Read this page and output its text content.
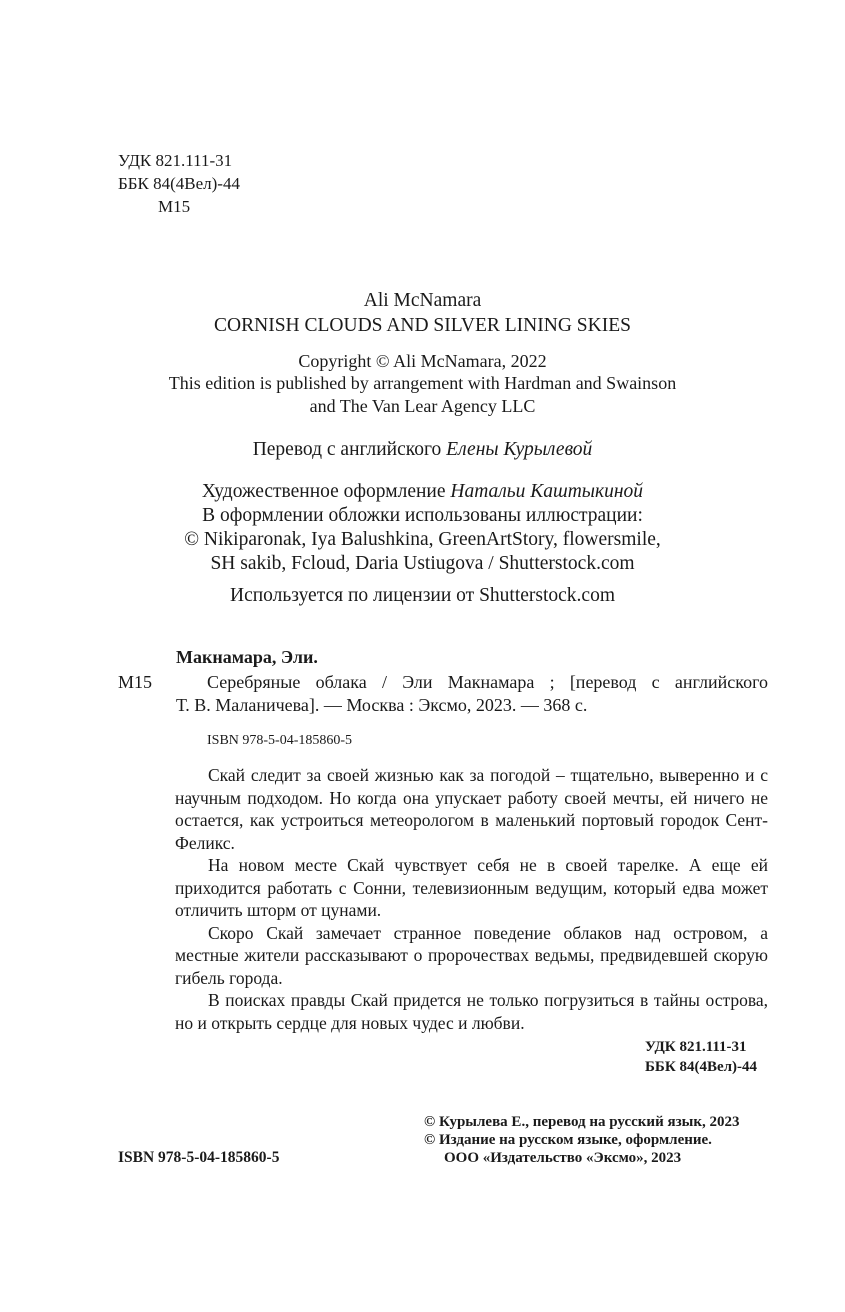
УДК 821.111-31
ББК 84(4Вел)-44
М15
Ali McNamara
CORNISH CLOUDS AND SILVER LINING SKIES
Copyright © Ali McNamara, 2022
This edition is published by arrangement with Hardman and Swainson
and The Van Lear Agency LLC
Перевод с английского Елены Курылевой
Художественное оформление Натальи Каштыкиной
В оформлении обложки использованы иллюстрации:
© Nikiparonak, Iya Balushkina, GreenArtStory, flowersmile,
SH sakib, Fcloud, Daria Ustiugova / Shutterstock.com
Используется по лицензии от Shutterstock.com
Макнамара, Эли.
М15	Серебряные облака / Эли Макнамара ; [перевод с английского
Т. В. Маланичева]. — Москва : Эксмо, 2023. — 368 с.
ISBN 978-5-04-185860-5

Скай следит за своей жизнью как за погодой – тщательно, выверенно и с научным подходом. Но когда она упускает работу своей мечты, ей ничего не остается, как устроиться метеорологом в маленький портовый городок Сент-Феликс.

На новом месте Скай чувствует себя не в своей тарелке. А еще ей приходится работать с Сонни, телевизионным ведущим, который едва может отличить шторм от цунами.

Скоро Скай замечает странное поведение облаков над островом, а местные жители рассказывают о пророчествах ведьмы, предвидевшей скорую гибель города.

В поисках правды Скай придется не только погрузиться в тайны острова, но и открыть сердце для новых чудес и любви.

УДК 821.111-31
ББК 84(4Вел)-44
ISBN 978-5-04-185860-5
© Курылева Е., перевод на русский язык, 2023
© Издание на русском языке, оформление.
ООО «Издательство «Эксмо», 2023
